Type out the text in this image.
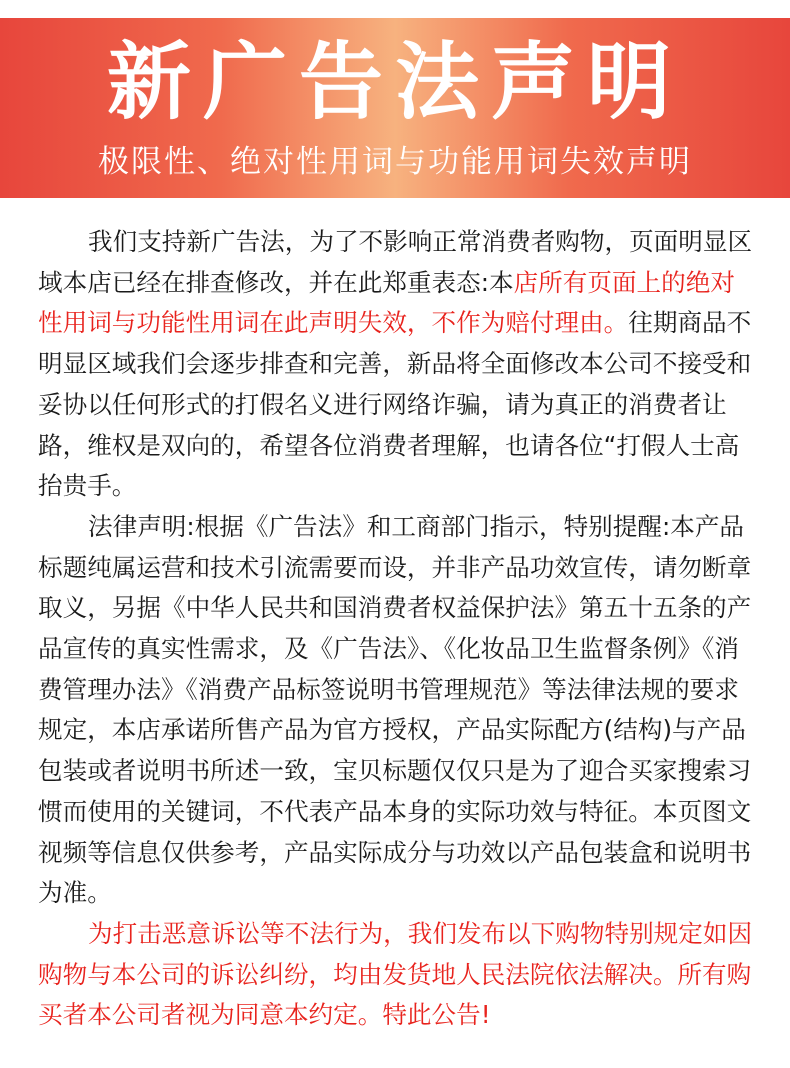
新广告法声明
极限性、绝对性用词与功能用词失效声明

我们支持新广告法，为了不影响正常消费者购物，页面明显区域本店已经在排查修改，并在此郑重表态:本店所有页面上的绝对性用词与功能性用词在此声明失效，不作为赔付理由。往期商品不明显区域我们会逐步排查和完善，新品将全面修改本公司不接受和妥协以任何形式的打假名义进行网络诈骗，请为真正的消费者让路，维权是双向的，希望各位消费者理解，也请各位“打假人士高抬贵手。

法律声明:根据《广告法》和工商部门指示，特别提醒:本产品标题纯属运营和技术引流需要而设，并非产品功效宣传，请勿断章取义，另据《中华人民共和国消费者权益保护法》第五十五条的产品宣传的真实性需求，及《广告法》、《化妆品卫生监督条例》《消费管理办法》《消费产品标签说明书管理规范》等法律法规的要求规定，本店承诺所售产品为官方授权，产品实际配方(结构)与产品包装或者说明书所述一致，宝贝标题仅仅只是为了迎合买家搜索习惯而使用的关键词，不代表产品本身的实际功效与特征。本页图文视频等信息仅供参考，产品实际成分与功效以产品包装盒和说明书为准。

为打击恶意诉讼等不法行为，我们发布以下购物特别规定如因购物与本公司的诉讼纠纷，均由发货地人民法院依法解决。所有购买者本公司者视为同意本约定。特此公告!
